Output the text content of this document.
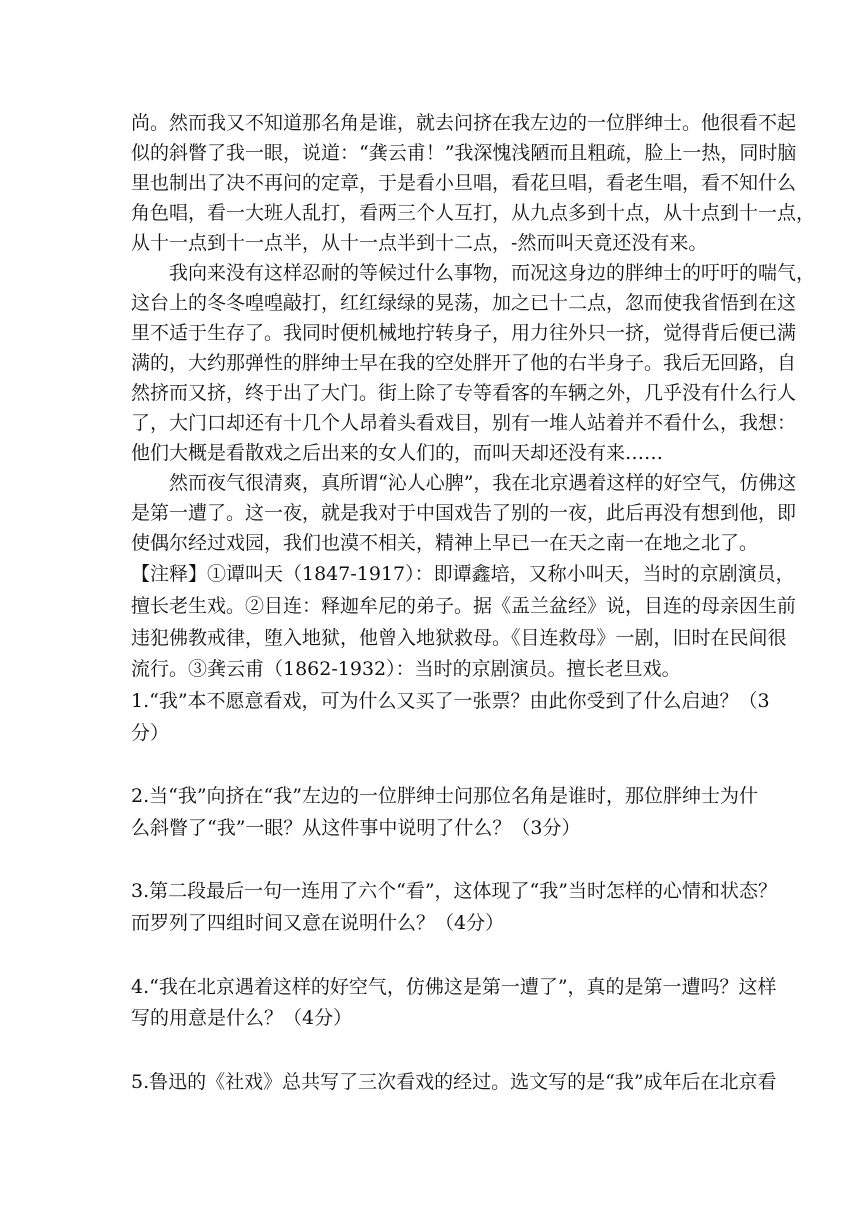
尚。然而我又不知道那名角是谁，就去问挤在我左边的一位胖绅士。他很看不起
似的斜瞥了我一眼，说道：“龚云甫！”我深愧浅陋而且粗疏，脸上一热，同时脑
里也制出了决不再问的定章，于是看小旦唱，看花旦唱，看老生唱，看不知什么
角色唱，看一大班人乱打，看两三个人互打，从九点多到十点，从十点到十一点，
从十一点到十一点半，从十一点半到十二点，-然而叫天竟还没有来。
我向来没有这样忍耐的等候过什么事物，而况这身边的胖绅士的吁吁的喘气，
这台上的冬冬喤喤敲打，红红绿绿的晃荡，加之已十二点，忽而使我省悟到在这
里不适于生存了。我同时便机械地拧转身子，用力往外只一挤，觉得背后便已满
满的，大约那弹性的胖绅士早在我的空处胖开了他的右半身子。我后无回路，自
然挤而又挤，终于出了大门。街上除了专等看客的车辆之外，几乎没有什么行人
了，大门口却还有十几个人昂着头看戏目，别有一堆人站着并不看什么，我想：
他们大概是看散戏之后出来的女人们的，而叫天却还没有来……
然而夜气很清爽，真所谓“沁人心脾”，我在北京遇着这样的好空气，仿佛这
是第一遭了。这一夜，就是我对于中国戏告了别的一夜，此后再没有想到他，即
使偶尔经过戏园，我们也漠不相关，精神上早已一在天之南一在地之北了。
【注释】①谭叫天（1847-1917）：即谭鑫培，又称小叫天，当时的京剧演员，
擅长老生戏。②目连：释迦牟尼的弟子。据《盂兰盆经》说，目连的母亲因生前
违犯佛教戒律，堕入地狱，他曾入地狱救母。《目连救母》一剧，旧时在民间很
流行。③龚云甫（1862-1932）：当时的京剧演员。擅长老旦戏。
1.“我”本不愿意看戏，可为什么又买了一张票？由此你受到了什么启迪？（3
分）
2.当“我”向挤在“我”左边的一位胖绅士问那位名角是谁时，那位胖绅士为什
么斜瞥了“我”一眼？从这件事中说明了什么？（3分）
3.第二段最后一句一连用了六个“看”，这体现了“我”当时怎样的心情和状态？
而罗列了四组时间又意在说明什么？（4分）
4.“我在北京遇着这样的好空气，仿佛这是第一遭了”，真的是第一遭吗？这样
写的用意是什么？（4分）
5.鲁迅的《社戏》总共写了三次看戏的经过。选文写的是“我”成年后在北京看
